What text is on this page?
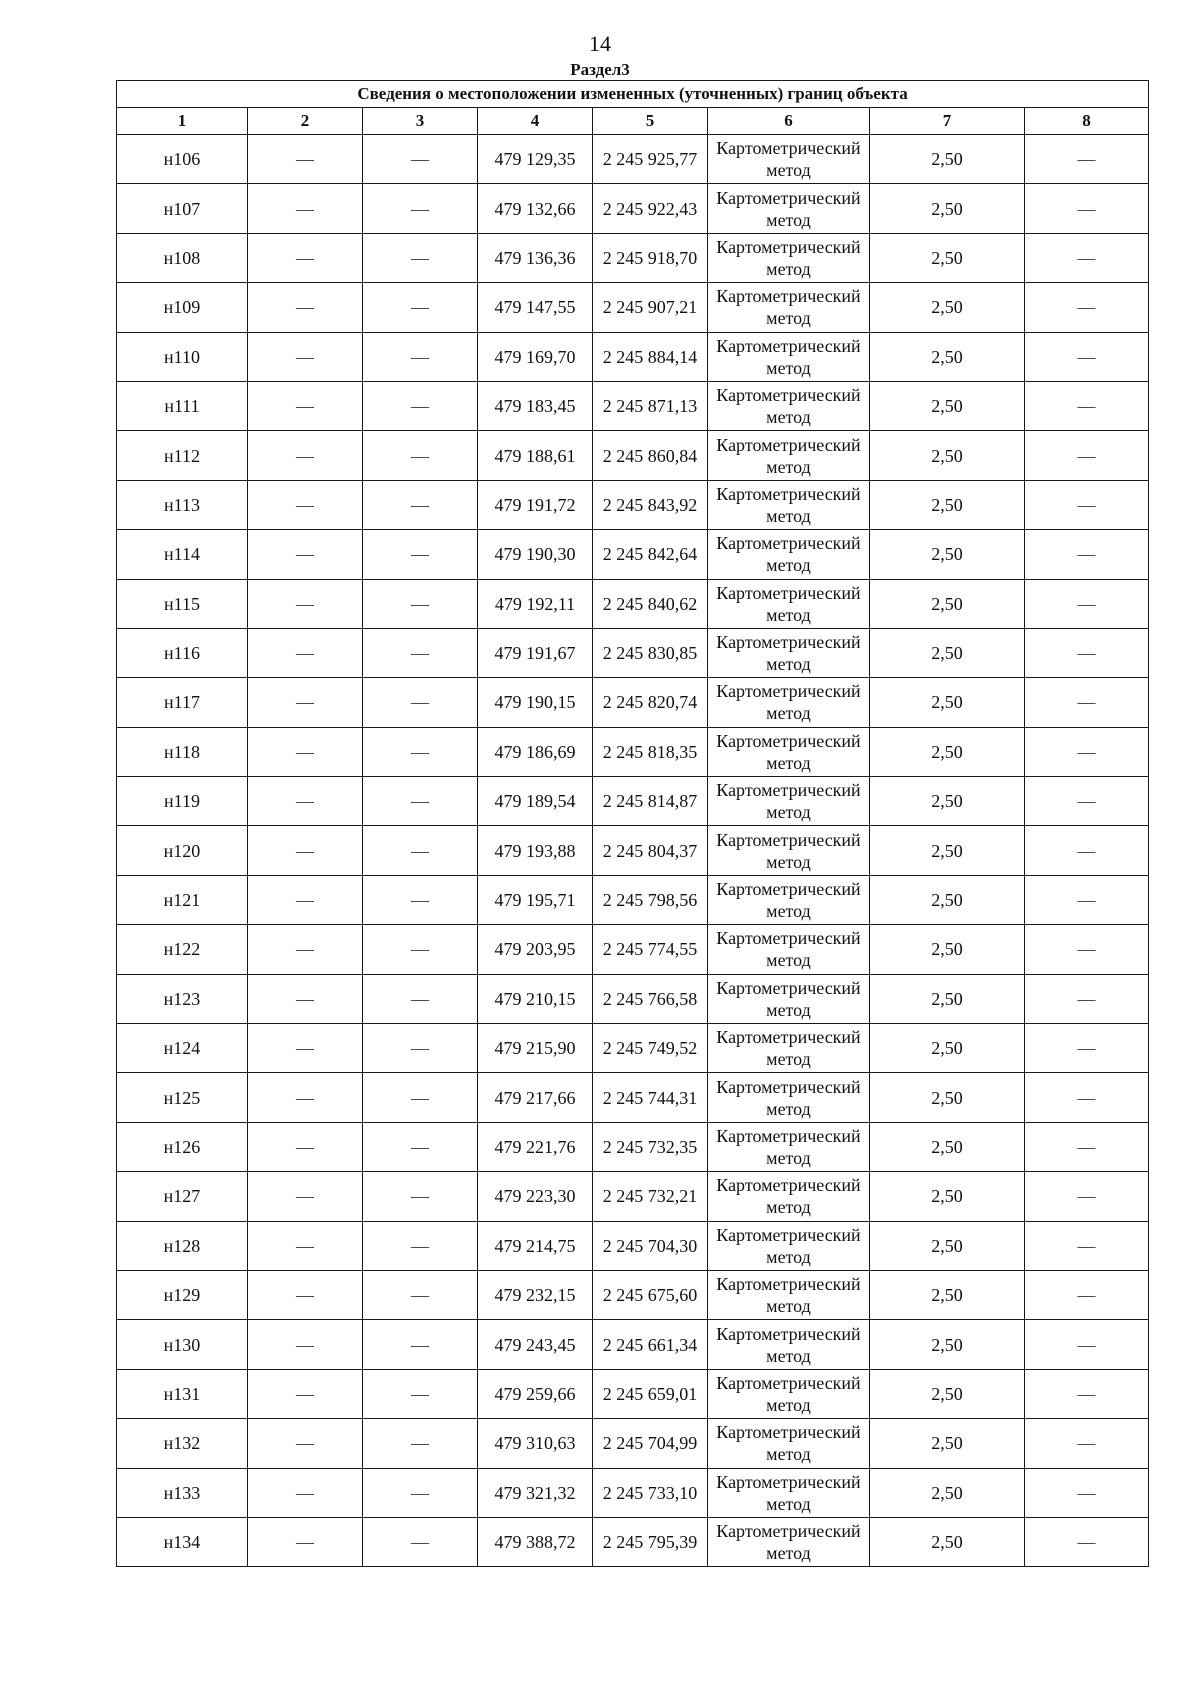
14
Раздел3
Сведения о местоположении измененных (уточненных) границ объекта							
1	2	3	4	5	6	7	8
н106	—	—	479 129,35	2 245 925,77	Картометрический метод	2,50	—
н107	—	—	479 132,66	2 245 922,43	Картометрический метод	2,50	—
н108	—	—	479 136,36	2 245 918,70	Картометрический метод	2,50	—
н109	—	—	479 147,55	2 245 907,21	Картометрический метод	2,50	—
н110	—	—	479 169,70	2 245 884,14	Картометрический метод	2,50	—
н111	—	—	479 183,45	2 245 871,13	Картометрический метод	2,50	—
н112	—	—	479 188,61	2 245 860,84	Картометрический метод	2,50	—
н113	—	—	479 191,72	2 245 843,92	Картометрический метод	2,50	—
н114	—	—	479 190,30	2 245 842,64	Картометрический метод	2,50	—
н115	—	—	479 192,11	2 245 840,62	Картометрический метод	2,50	—
н116	—	—	479 191,67	2 245 830,85	Картометрический метод	2,50	—
н117	—	—	479 190,15	2 245 820,74	Картометрический метод	2,50	—
н118	—	—	479 186,69	2 245 818,35	Картометрический метод	2,50	—
н119	—	—	479 189,54	2 245 814,87	Картометрический метод	2,50	—
н120	—	—	479 193,88	2 245 804,37	Картометрический метод	2,50	—
н121	—	—	479 195,71	2 245 798,56	Картометрический метод	2,50	—
н122	—	—	479 203,95	2 245 774,55	Картометрический метод	2,50	—
н123	—	—	479 210,15	2 245 766,58	Картометрический метод	2,50	—
н124	—	—	479 215,90	2 245 749,52	Картометрический метод	2,50	—
н125	—	—	479 217,66	2 245 744,31	Картометрический метод	2,50	—
н126	—	—	479 221,76	2 245 732,35	Картометрический метод	2,50	—
н127	—	—	479 223,30	2 245 732,21	Картометрический метод	2,50	—
н128	—	—	479 214,75	2 245 704,30	Картометрический метод	2,50	—
н129	—	—	479 232,15	2 245 675,60	Картометрический метод	2,50	—
н130	—	—	479 243,45	2 245 661,34	Картометрический метод	2,50	—
н131	—	—	479 259,66	2 245 659,01	Картометрический метод	2,50	—
н132	—	—	479 310,63	2 245 704,99	Картометрический метод	2,50	—
н133	—	—	479 321,32	2 245 733,10	Картометрический метод	2,50	—
н134	—	—	479 388,72	2 245 795,39	Картометрический метод	2,50	—
